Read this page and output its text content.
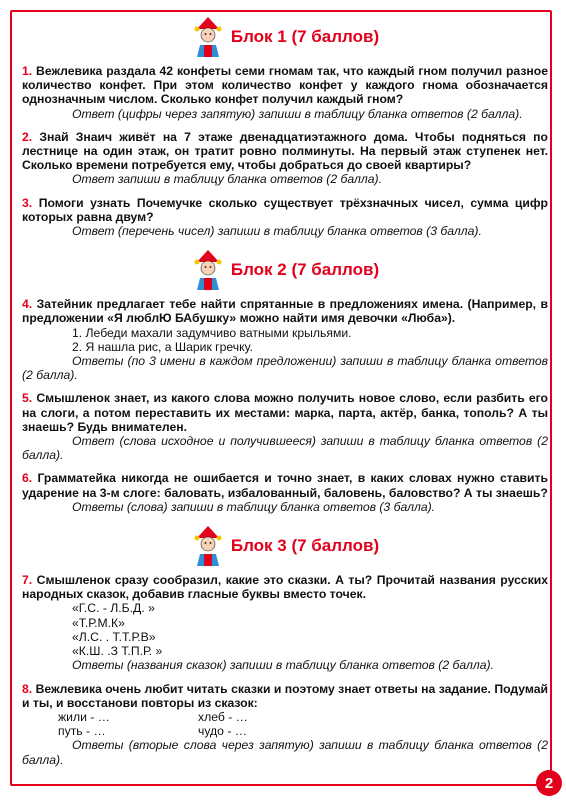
Блок 1 (7 баллов)

1. Вежлевика раздала 42 конфеты семи гномам так, что каждый гном получил разное количество конфет. При этом количество конфет у каждого гнома обозначается однозначным числом. Сколько конфет получил каждый гном?
Ответ (цифры через запятую) запиши в таблицу бланка ответов (2 балла).

2. Знай Знаич живёт на 7 этаже двенадцатиэтажного дома. Чтобы подняться по лестнице на один этаж, он тратит ровно полминуты. На первый этаж ступенек нет. Сколько времени потребуется ему, чтобы добраться до своей квартиры?
Ответ запиши в таблицу бланка ответов (2 балла).

3. Помоги узнать Почемучке сколько существует трёхзначных чисел, сумма цифр которых равна двум?
Ответ (перечень чисел) запиши в таблицу бланка ответов (3 балла).

Блок 2 (7 баллов)

4. Затейник предлагает тебе найти спрятанные в предложениях имена. (Например, в предложении «Я люблЮ БАбушку» можно найти имя девочки «Люба»).
1. Лебеди махали задумчиво ватными крыльями.
2. Я нашла рис, а Шарик гречку.
Ответы (по 3 имени в каждом предложении) запиши в таблицу бланка ответов (2 балла).

5. Смышленок знает, из какого слова можно получить новое слово, если разбить его на слоги, а потом переставить их местами: марка, парта, актёр, банка, тополь? А ты знаешь? Будь внимателен.
Ответ (слова исходное и получившееся) запиши в таблицу бланка ответов (2 балла).

6. Грамматейка никогда не ошибается и точно знает, в каких словах нужно ставить ударение на 3-м слоге: баловать, избалованный, баловень, баловство? А ты знаешь?
Ответы (слова) запиши в таблицу бланка ответов (3 балла).

Блок 3 (7 баллов)

7. Смышленок сразу сообразил, какие это сказки. А ты? Прочитай названия русских народных сказок, добавив гласные буквы вместо точек.
«Г.С. - Л.Б.Д. »
«Т.Р.М.К»
«Л.С. . Т.Т.Р.В»
«К.Ш. .З Т.П.Р. »
Ответы (названия сказок) запиши в таблицу бланка ответов (2 балла).

8. Вежлевика очень любит читать сказки и поэтому знает ответы на задание. Подумай и ты, и восстанови повторы из сказок:
жили - …	хлеб - …
путь - …	чудо - …
Ответы (вторые слова через запятую) запиши в таблицу бланка ответов (2 балла).

2
